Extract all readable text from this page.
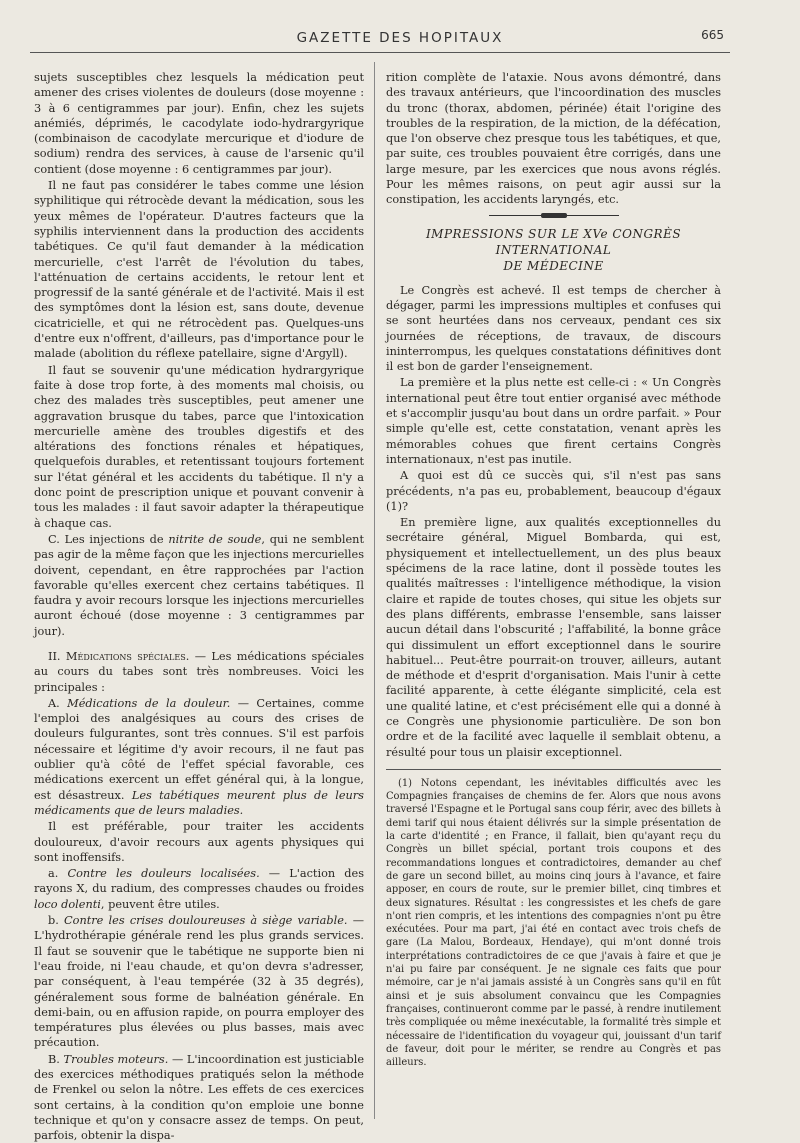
GAZETTE DES HOPITAUX	665

sujets susceptibles chez lesquels la médication peut amener des crises violentes de douleurs (dose moyenne : 3 à 6 centigrammes par jour). Enfin, chez les sujets anémiés, déprimés, le cacodylate iodo-hydrargyrique (combinaison de cacodylate mercurique et d'iodure de sodium) rendra des services, à cause de l'arsenic qu'il contient (dose moyenne : 6 centigrammes par jour).

Il ne faut pas considérer le tabes comme une lésion syphilitique qui rétrocède devant la médication, sous les yeux mêmes de l'opérateur. D'autres facteurs que la syphilis interviennent dans la production des accidents tabétiques. Ce qu'il faut demander à la médication mercurielle, c'est l'arrêt de l'évolution du tabes, l'atténuation de certains accidents, le retour lent et progressif de la santé générale et de l'activité. Mais il est des symptômes dont la lésion est, sans doute, devenue cicatricielle, et qui ne rétrocèdent pas. Quelques-uns d'entre eux n'offrent, d'ailleurs, pas d'importance pour le malade (abolition du réflexe patellaire, signe d'Argyll).

Il faut se souvenir qu'une médication hydrargyrique faite à dose trop forte, à des moments mal choisis, ou chez des malades très susceptibles, peut amener une aggravation brusque du tabes, parce que l'intoxication mercurielle amène des troubles digestifs et des altérations des fonctions rénales et hépatiques, quelquefois durables, et retentissant toujours fortement sur l'état général et les accidents du tabétique. Il n'y a donc point de prescription unique et pouvant convenir à tous les malades : il faut savoir adapter la thérapeutique à chaque cas.

C. Les injections de nitrite de soude, qui ne semblent pas agir de la même façon que les injections mercurielles doivent, cependant, en être rapprochées par l'action favorable qu'elles exercent chez certains tabétiques. Il faudra y avoir recours lorsque les injections mercurielles auront échoué (dose moyenne : 3 centigrammes par jour).

II. Médications spéciales. — Les médications spéciales au cours du tabes sont très nombreuses. Voici les principales :

A. Médications de la douleur. — Certaines, comme l'emploi des analgésiques au cours des crises de douleurs fulgurantes, sont très connues. S'il est parfois nécessaire et légitime d'y avoir recours, il ne faut pas oublier qu'à côté de l'effet spécial favorable, ces médications exercent un effet général qui, à la longue, est désastreux. Les tabétiques meurent plus de leurs médicaments que de leurs maladies.

Il est préférable, pour traiter les accidents douloureux, d'avoir recours aux agents physiques qui sont inoffensifs.

a. Contre les douleurs localisées. — L'action des rayons X, du radium, des compresses chaudes ou froides loco dolenti, peuvent être utiles.

b. Contre les crises douloureuses à siège variable. — L'hydrothérapie générale rend les plus grands services. Il faut se souvenir que le tabétique ne supporte bien ni l'eau froide, ni l'eau chaude, et qu'on devra s'adresser, par conséquent, à l'eau tempérée (32 à 35 degrés), généralement sous forme de balnéation générale. En demi-bain, ou en affusion rapide, on pourra employer des températures plus élevées ou plus basses, mais avec précaution.

B. Troubles moteurs. — L'incoordination est justiciable des exercices méthodiques pratiqués selon la méthode de Frenkel ou selon la nôtre. Les effets de ces exercices sont certains, à la condition qu'on emploie une bonne technique et qu'on y consacre assez de temps. On peut, parfois, obtenir la dispa-

rition complète de l'ataxie. Nous avons démontré, dans des travaux antérieurs, que l'incoordination des muscles du tronc (thorax, abdomen, périnée) était l'origine des troubles de la respiration, de la miction, de la défécation, que l'on observe chez presque tous les tabétiques, et que, par suite, ces troubles pouvaient être corrigés, dans une large mesure, par les exercices que nous avons réglés. Pour les mêmes raisons, on peut agir aussi sur la constipation, les accidents laryngés, etc.

IMPRESSIONS SUR LE XVe CONGRÈS INTERNATIONAL
DE MÉDECINE

Le Congrès est achevé. Il est temps de chercher à dégager, parmi les impressions multiples et confuses qui se sont heurtées dans nos cerveaux, pendant ces six journées de réceptions, de travaux, de discours ininterrompus, les quelques constatations définitives dont il est bon de garder l'enseignement.

La première et la plus nette est celle-ci : « Un Congrès international peut être tout entier organisé avec méthode et s'accomplir jusqu'au bout dans un ordre parfait. » Pour simple qu'elle est, cette constatation, venant après les mémorables cohues que firent certains Congrès internationaux, n'est pas inutile.

A quoi est dû ce succès qui, s'il n'est pas sans précédents, n'a pas eu, probablement, beaucoup d'égaux (1)?

En première ligne, aux qualités exceptionnelles du secrétaire général, Miguel Bombarda, qui est, physiquement et intellectuellement, un des plus beaux spécimens de la race latine, dont il possède toutes les qualités maîtresses : l'intelligence méthodique, la vision claire et rapide de toutes choses, qui situe les objets sur des plans différents, embrasse l'ensemble, sans laisser aucun détail dans l'obscurité ; l'affabilité, la bonne grâce qui dissimulent un effort exceptionnel dans le sourire habituel... Peut-être pourrait-on trouver, ailleurs, autant de méthode et d'esprit d'organisation. Mais l'unir à cette facilité apparente, à cette élégante simplicité, cela est une qualité latine, et c'est précisément elle qui a donné à ce Congrès une physionomie particulière. De son bon ordre et de la facilité avec laquelle il semblait obtenu, a résulté pour tous un plaisir exceptionnel.

(1) Notons cependant, les inévitables difficultés avec les Compagnies françaises de chemins de fer. Alors que nous avons traversé l'Espagne et le Portugal sans coup férir, avec des billets à demi tarif qui nous étaient délivrés sur la simple présentation de la carte d'identité ; en France, il fallait, bien qu'ayant reçu du Congrès un billet spécial, portant trois coupons et des recommandations longues et contradictoires, demander au chef de gare un second billet, au moins cinq jours à l'avance, et faire apposer, en cours de route, sur le premier billet, cinq timbres et deux signatures. Résultat : les congressistes et les chefs de gare n'ont rien compris, et les intentions des compagnies n'ont pu être exécutées. Pour ma part, j'ai été en contact avec trois chefs de gare (La Malou, Bordeaux, Hendaye), qui m'ont donné trois interprétations contradictoires de ce que j'avais à faire et que je n'ai pu faire par conséquent. Je ne signale ces faits que pour mémoire, car je n'ai jamais assisté à un Congrès sans qu'il en fût ainsi et je suis absolument convaincu que les Compagnies françaises, continueront comme par le passé, à rendre inutilement très compliquée ou même inexécutable, la formalité très simple et nécessaire de l'identification du voyageur qui, jouissant d'un tarif de faveur, doit pour le mériter, se rendre au Congrès et pas ailleurs.
